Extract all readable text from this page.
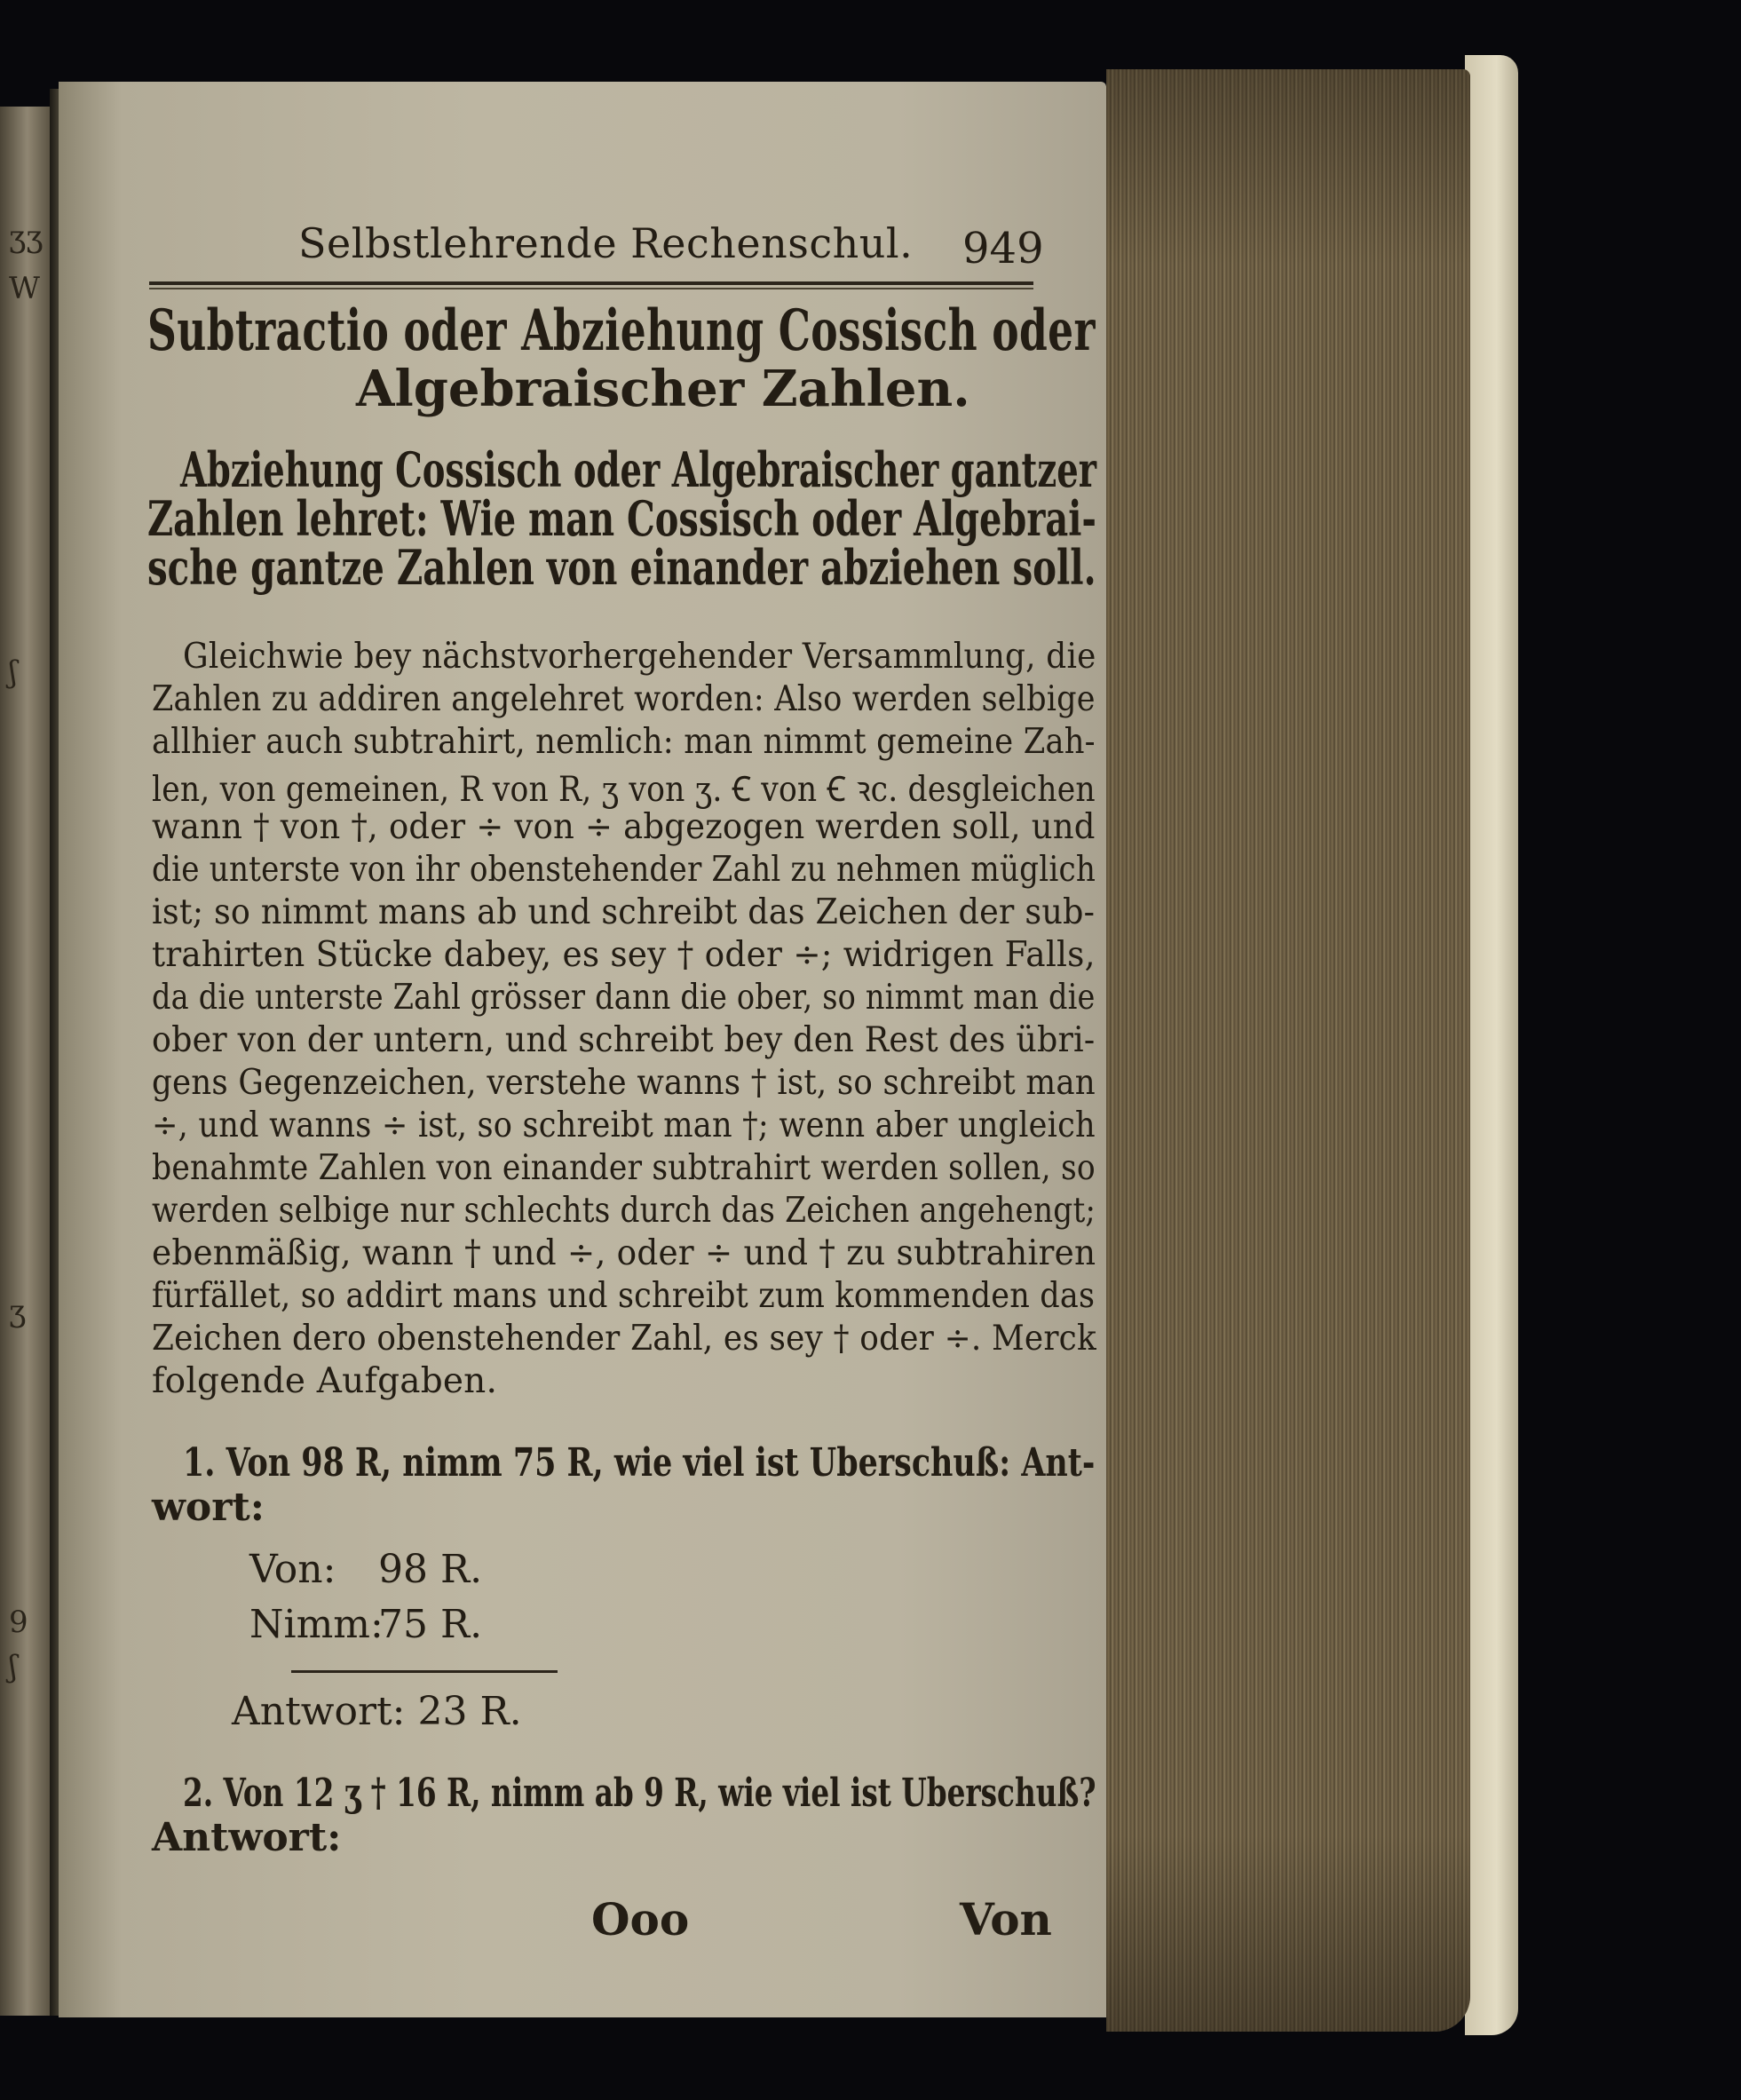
ʒʒ
W
ʃ
ʒ
9
ʃ
Selbstlehrende Rechenschul. 949
Subtractio oder Abziehung Cossisch oder
Algebraischer Zahlen.
Abziehung Cossisch oder Algebraischer gantzer
Zahlen lehret: Wie man Cossisch oder Algebrai-
sche gantze Zahlen von einander abziehen soll.
Gleichwie bey nächstvorhergehender Versammlung, die
Zahlen zu addiren angelehret worden: Also werden selbige
allhier auch subtrahirt, nemlich: man nimmt gemeine Zah-
len, von gemeinen, R von R, ʒ von ʒ. Ꞓ von Ꞓ ꝛc. desgleichen
wann † von †, oder ÷ von ÷ abgezogen werden soll, und
die unterste von ihr obenstehender Zahl zu nehmen müglich
ist; so nimmt mans ab und schreibt das Zeichen der sub-
trahirten Stücke dabey, es sey † oder ÷; widrigen Falls,
da die unterste Zahl grösser dann die ober, so nimmt man die
ober von der untern, und schreibt bey den Rest des übri-
gens Gegenzeichen, verstehe wanns † ist, so schreibt man
÷, und wanns ÷ ist, so schreibt man †; wenn aber ungleich
benahmte Zahlen von einander subtrahirt werden sollen, so
werden selbige nur schlechts durch das Zeichen angehengt;
ebenmäßig, wann † und ÷, oder ÷ und † zu subtrahiren
fürfället, so addirt mans und schreibt zum kommenden das
Zeichen dero obenstehender Zahl, es sey † oder ÷. Merck
folgende Aufgaben.
1. Von 98 R, nimm 75 R, wie viel ist Uberschuß: Ant-
wort:
Von: 98 R.
Nimm:
75 R.
Antwort: 23 R.
2. Von 12 ʒ † 16 R, nimm ab 9 R, wie viel ist Uberschuß?
Antwort:
Ooo	Von
